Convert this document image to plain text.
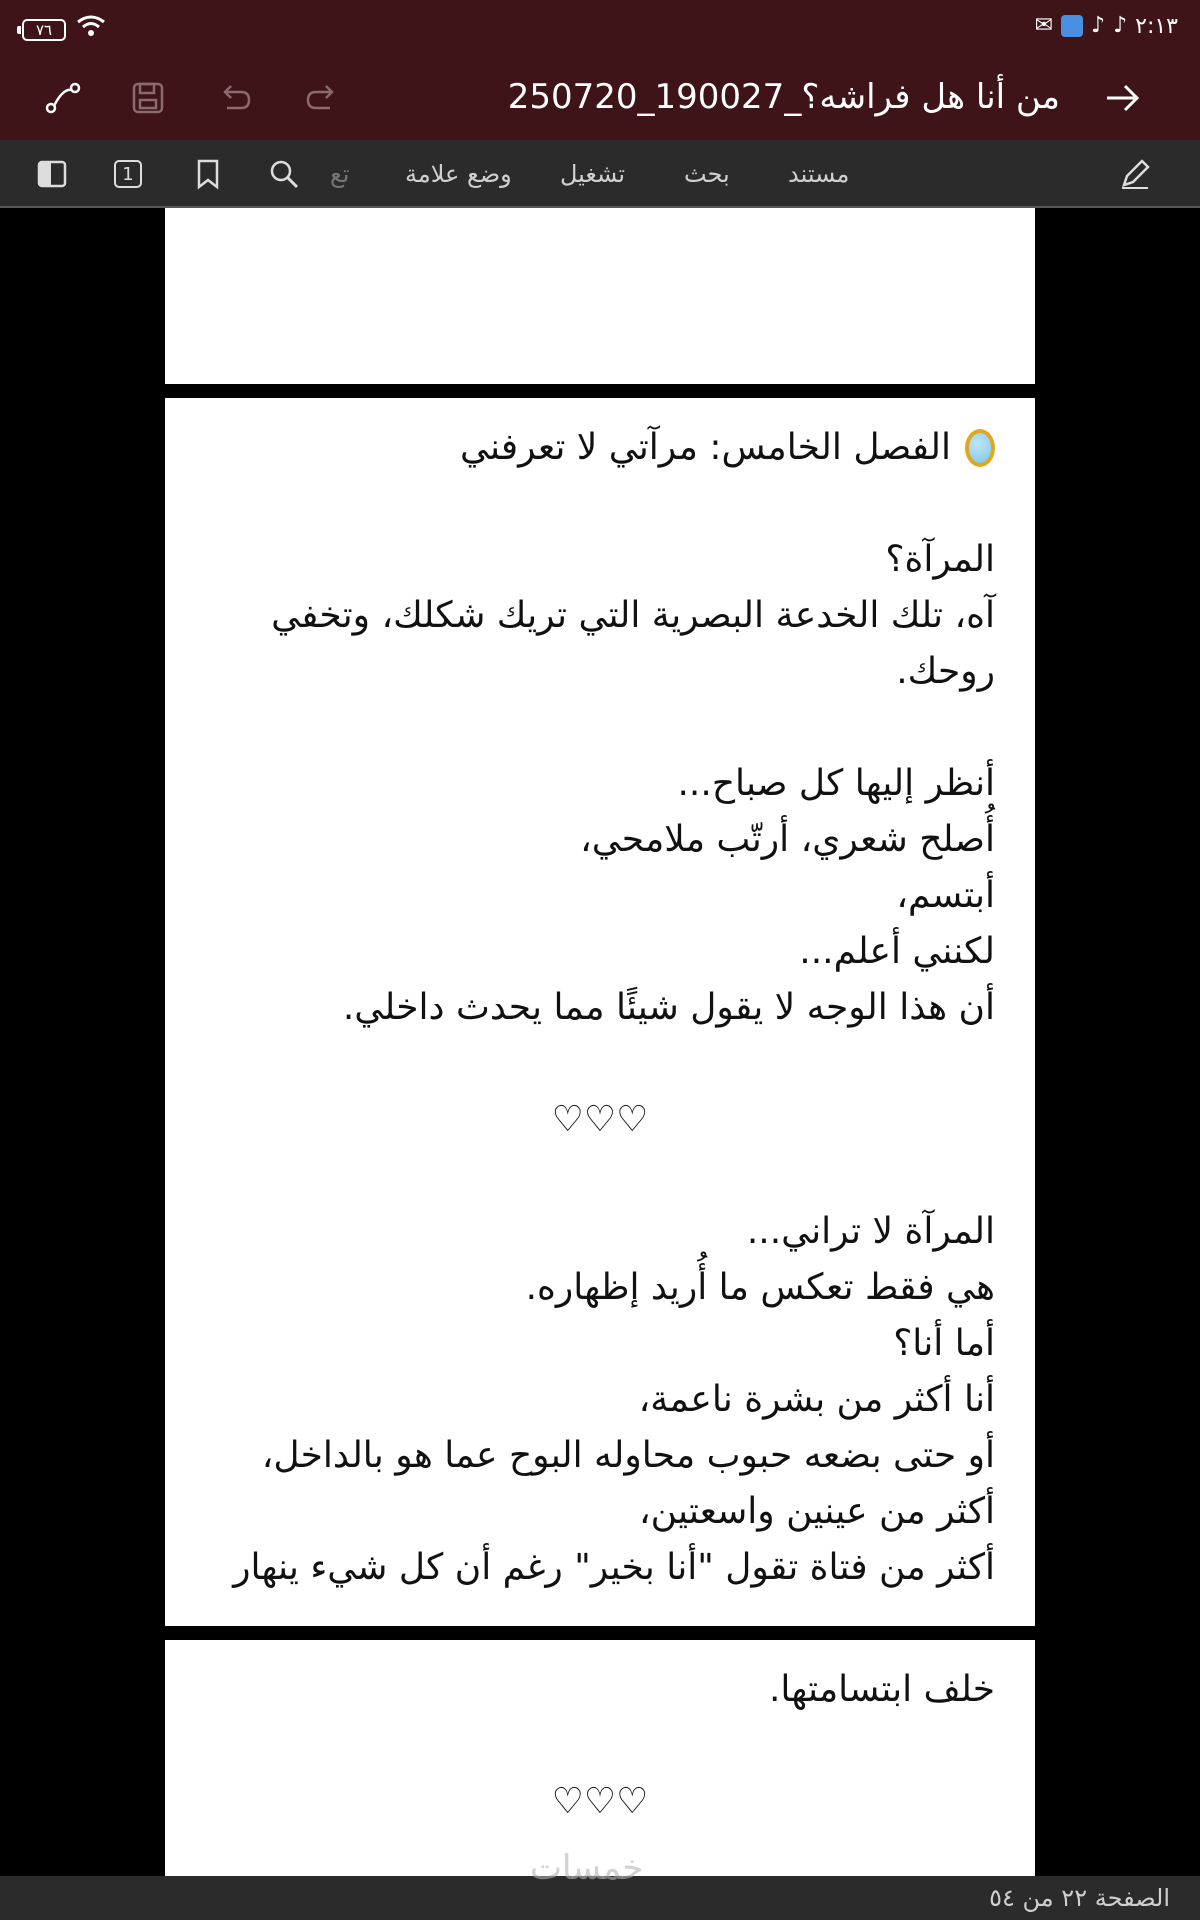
٧٦	✉ ♪ ♪ ٢:١٣
من أنا هل فراشه؟_190027_250720
1	تع وضع علامة تشغيل بحث مستند
الفصل الخامس: مرآتي لا تعرفني
المرآة؟
آه، تلك الخدعة البصرية التي تريك شكلك، وتخفي
روحك.
أنظر إليها كل صباح...
أُصلح شعري، أرتّب ملامحي،
أبتسم،
لكنني أعلم...
أن هذا الوجه لا يقول شيئًا مما يحدث داخلي.
♡♡♡
المرآة لا تراني...
هي فقط تعكس ما أُريد إظهاره.
أما أنا؟
أنا أكثر من بشرة ناعمة،
أو حتى بضعه حبوب محاوله البوح عما هو بالداخل،
أكثر من عينين واسعتين،
أكثر من فتاة تقول "أنا بخير" رغم أن كل شيء ينهار
خلف ابتسامتها.
♡♡♡
الصفحة ٢٢ من ٥٤
خمسات
